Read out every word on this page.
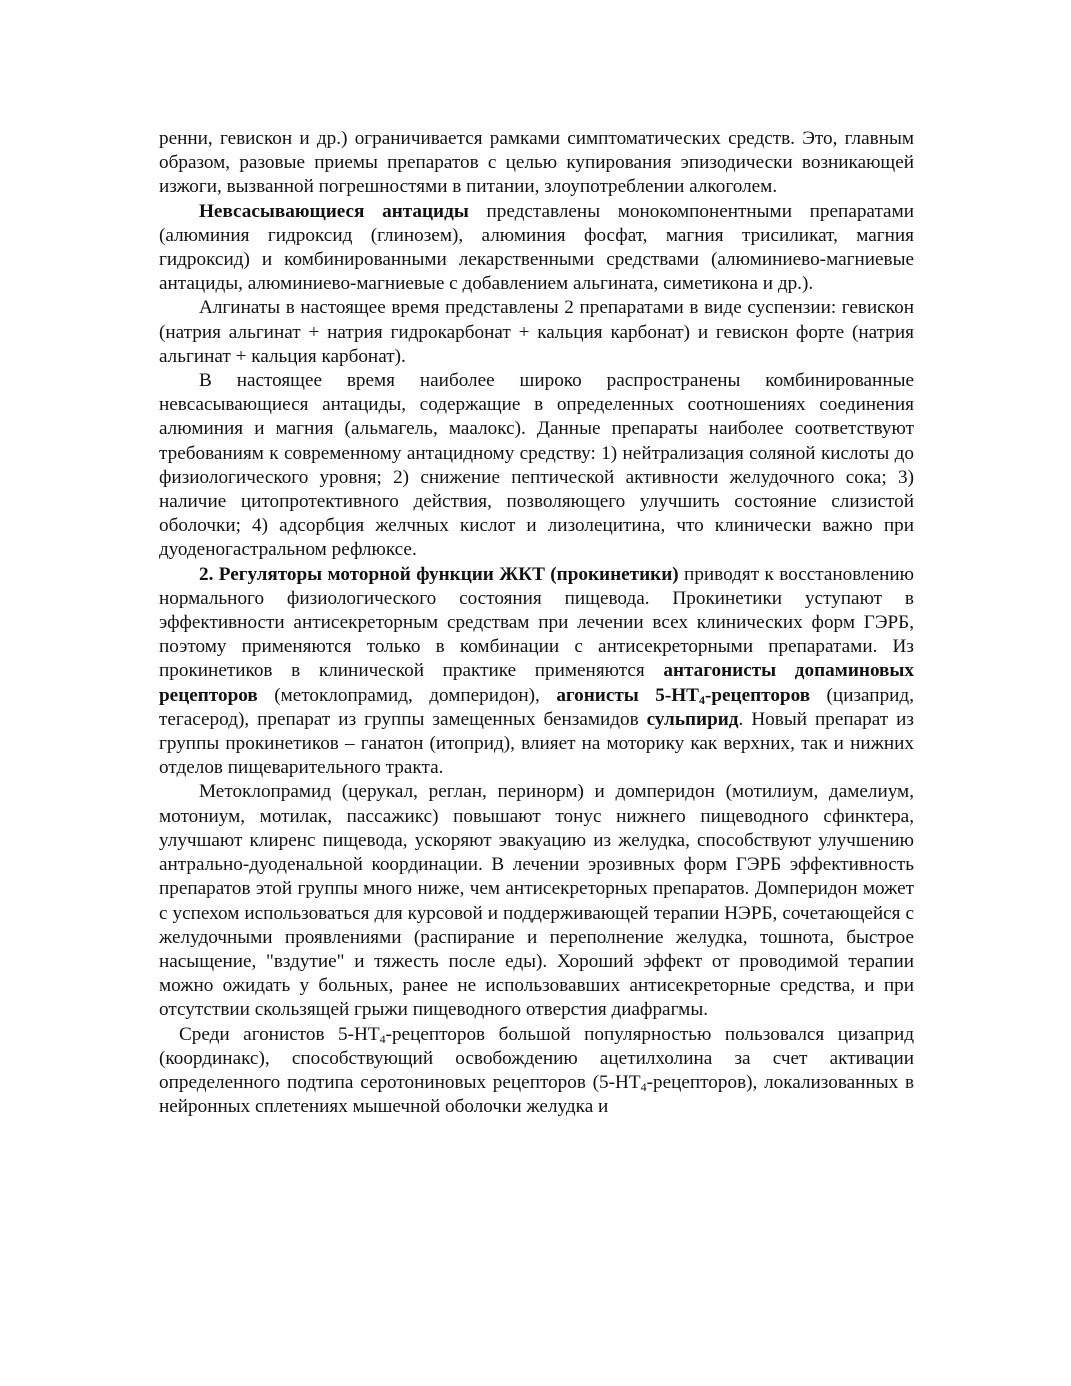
ренни, гевискон и др.) ограничивается рамками симптоматических средств. Это, главным образом, разовые приемы препаратов с целью купирования эпизодически возникающей изжоги, вызванной погрешностями в питании, злоупотреблении алкоголем.

Невсасывающиеся антациды представлены монокомпонентными препаратами (алюминия гидроксид (глинозем), алюминия фосфат, магния трисиликат, магния гидроксид) и комбинированными лекарственными средствами (алюминиево-магниевые антациды, алюминиево-магниевые с добавлением альгината, симетикона и др.).

Алгинаты в настоящее время представлены 2 препаратами в виде суспензии: гевискон (натрия альгинат + натрия гидрокарбонат + кальция карбонат) и гевискон форте (натрия альгинат + кальция карбонат).

В настоящее время наиболее широко распространены комбинированные невсасывающиеся антациды, содержащие в определенных соотношениях соединения алюминия и магния (альмагель, маалокс). Данные препараты наиболее соответствуют требованиям к современному антацидному средству: 1) нейтрализация соляной кислоты до физиологического уровня; 2) снижение пептической активности желудочного сока; 3) наличие цитопротективного действия, позволяющего улучшить состояние слизистой оболочки; 4) адсорбция желчных кислот и лизолецитина, что клинически важно при дуоденогастральном рефлюксе.

2. Регуляторы моторной функции ЖКТ (прокинетики) приводят к восстановлению нормального физиологического состояния пищевода. Прокинетики уступают в эффективности антисекреторным средствам при лечении всех клинических форм ГЭРБ, поэтому применяются только в комбинации с антисекреторными препаратами. Из прокинетиков в клинической практике применяются антагонисты допаминовых рецепторов (метоклопрамид, домперидон), агонисты $5-НТ_4$-рецепторов (цизаприд, тегасерод), препарат из группы замещенных бензамидов сульпирид. Новый препарат из группы прокинетиков – ганатон (итоприд), влияет на моторику как верхних, так и нижних отделов пищеварительного тракта.

Метоклопрамид (церукал, реглан, перинорм) и домперидон (мотилиум, дамелиум, мотониум, мотилак, пассажикс) повышают тонус нижнего пищеводного сфинктера, улучшают клиренс пищевода, ускоряют эвакуацию из желудка, способствуют улучшению антрально-дуоденальной координации. В лечении эрозивных форм ГЭРБ эффективность препаратов этой группы много ниже, чем антисекреторных препаратов. Домперидон может с успехом использоваться для курсовой и поддерживающей терапии НЭРБ, сочетающейся с желудочными проявлениями (распирание и переполнение желудка, тошнота, быстрое насыщение, "вздутие" и тяжесть после еды). Хороший эффект от проводимой терапии можно ожидать у больных, ранее не использовавших антисекреторные средства, и при отсутствии скользящей грыжи пищеводного отверстия диафрагмы.

Среди агонистов $5-НТ_4$-рецепторов большой популярностью пользовался цизаприд (координакс), способствующий освобождению ацетилхолина за счет активации определенного подтипа серотониновых рецепторов $(5-НТ_4-рецепторов)$, локализованных в нейронных сплетениях мышечной оболочки желудка и
